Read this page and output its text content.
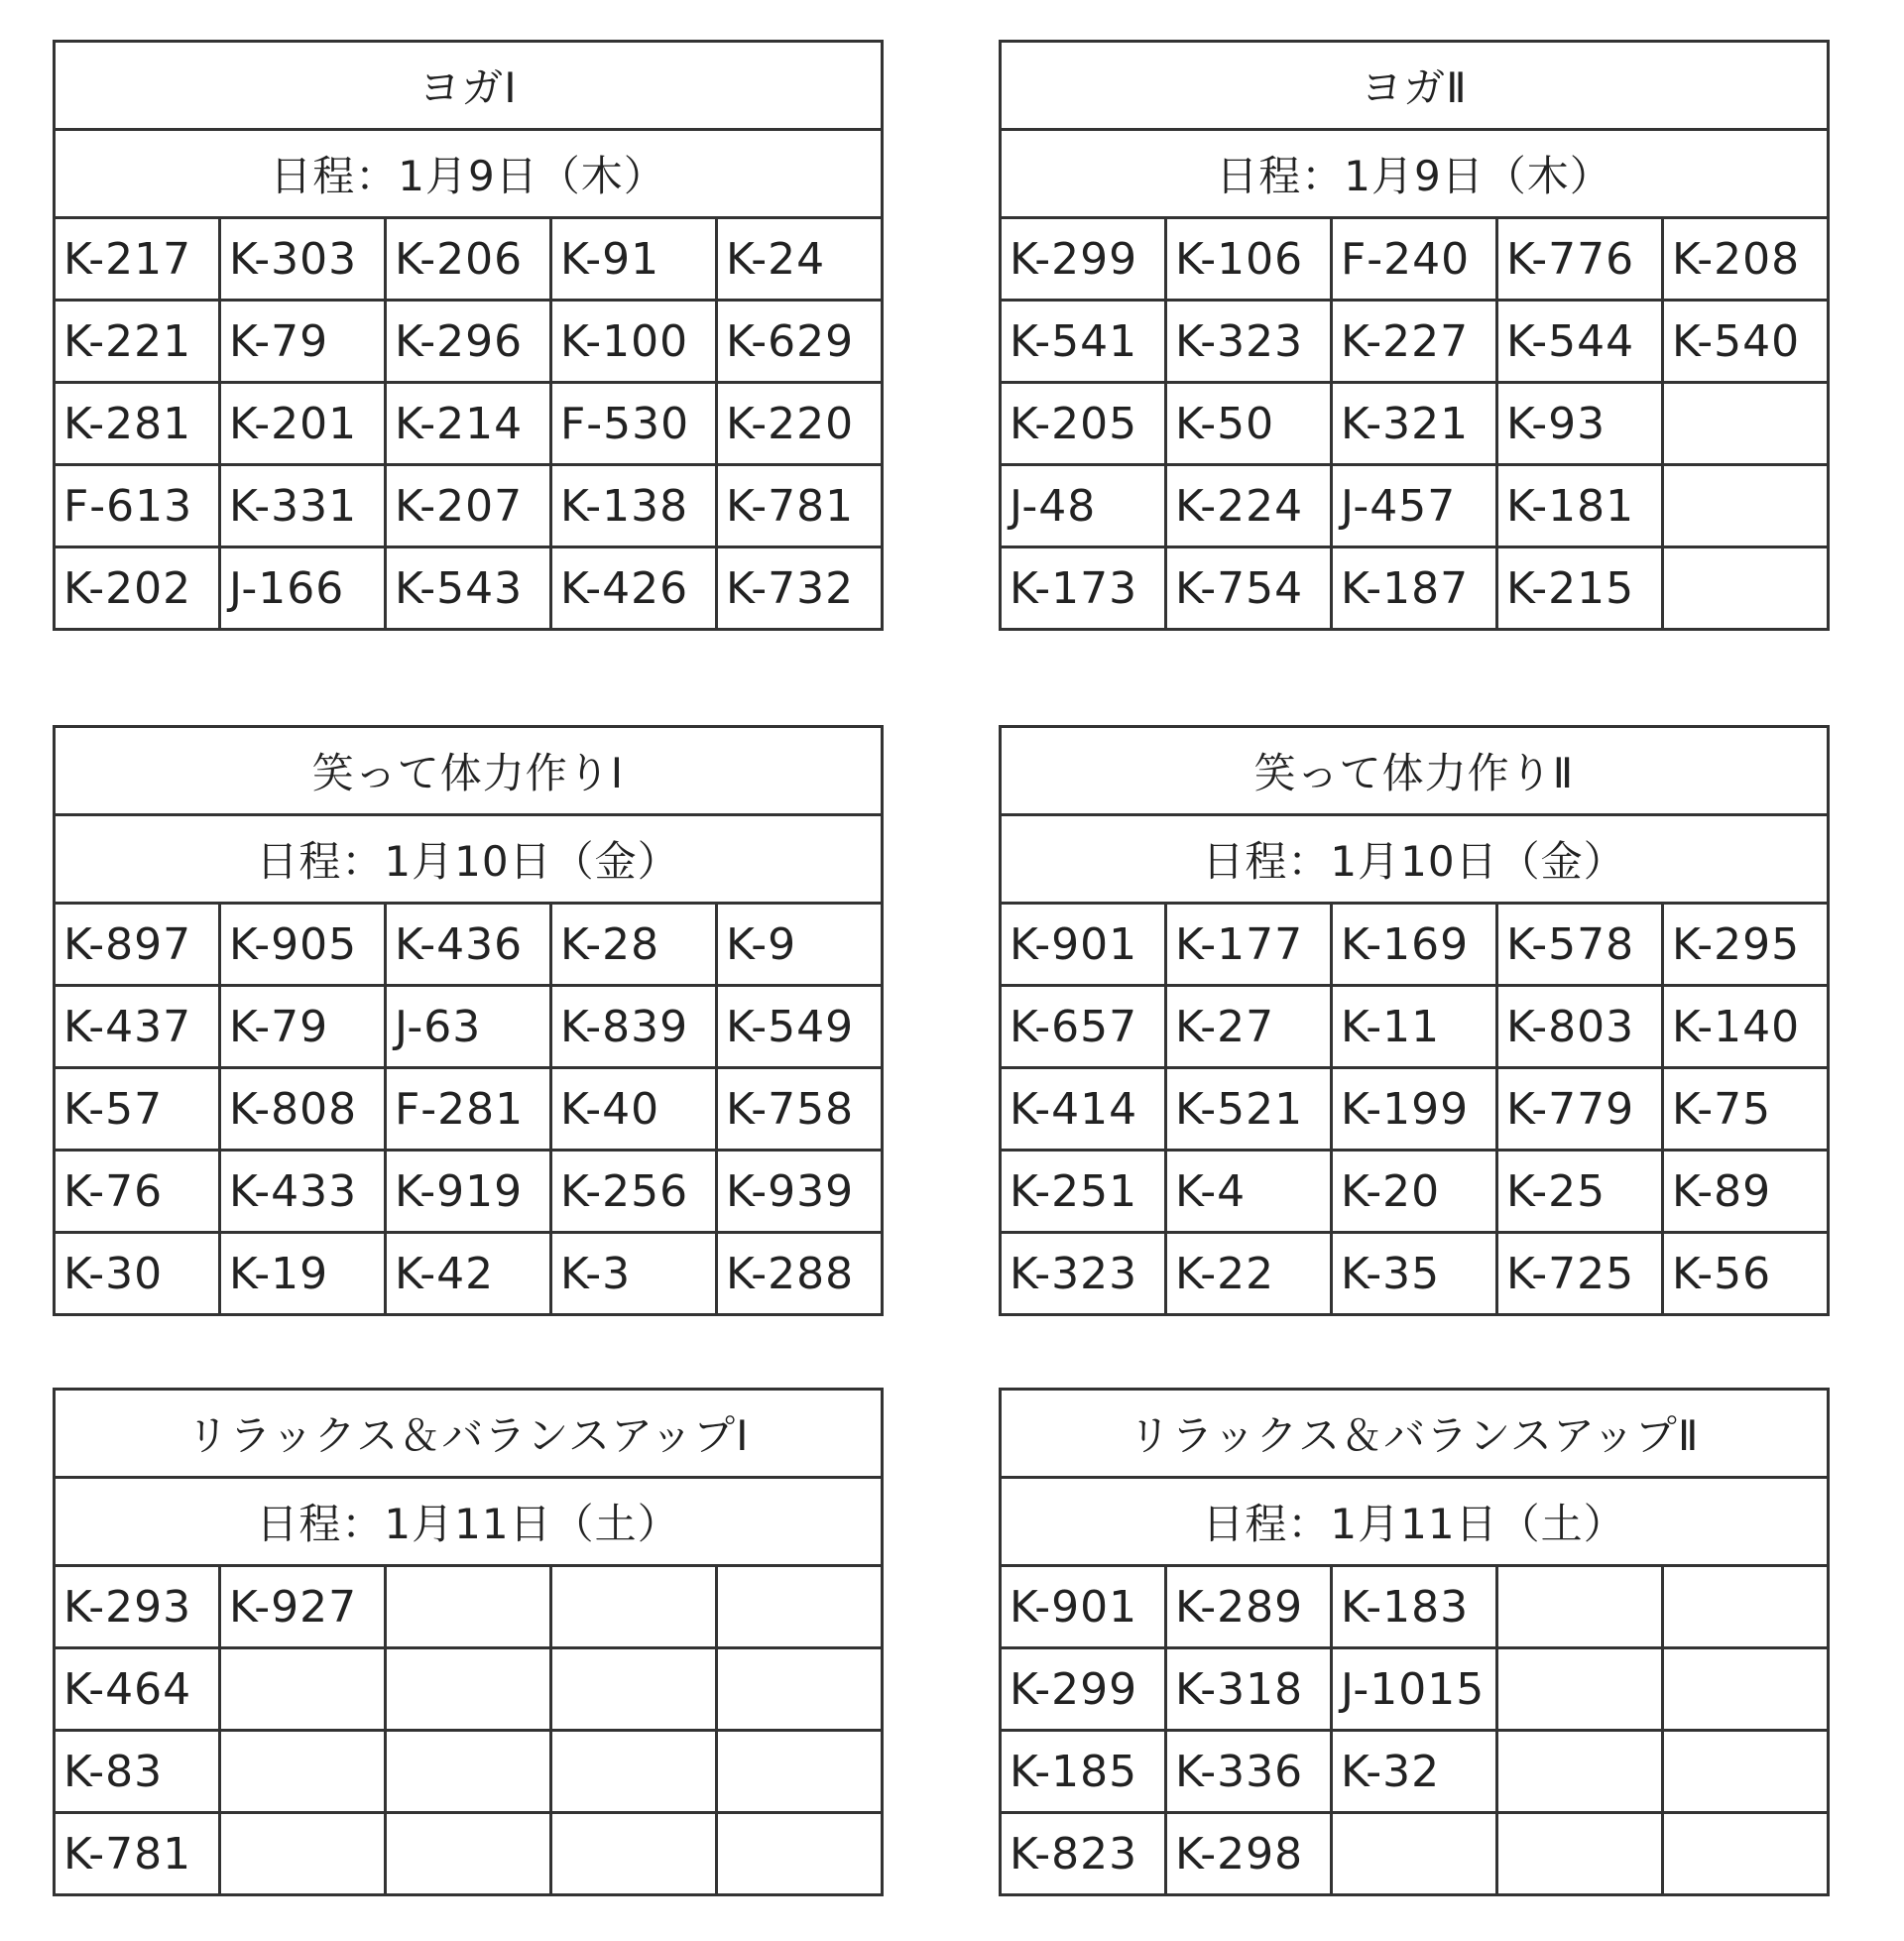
ヨガⅠ				
日程：1月9日（木）				
K-217	K-303	K-206	K-91	K-24
K-221	K-79	K-296	K-100	K-629
K-281	K-201	K-214	F-530	K-220
F-613	K-331	K-207	K-138	K-781
K-202	J-166	K-543	K-426	K-732
ヨガⅡ				
日程：1月9日（木）				
K-299	K-106	F-240	K-776	K-208
K-541	K-323	K-227	K-544	K-540
K-205	K-50	K-321	K-93	
J-48	K-224	J-457	K-181	
K-173	K-754	K-187	K-215	
笑って体力作りⅠ				
日程：1月10日（金）				
K-897	K-905	K-436	K-28	K-9
K-437	K-79	J-63	K-839	K-549
K-57	K-808	F-281	K-40	K-758
K-76	K-433	K-919	K-256	K-939
K-30	K-19	K-42	K-3	K-288
笑って体力作りⅡ				
日程：1月10日（金）				
K-901	K-177	K-169	K-578	K-295
K-657	K-27	K-11	K-803	K-140
K-414	K-521	K-199	K-779	K-75
K-251	K-4	K-20	K-25	K-89
K-323	K-22	K-35	K-725	K-56
リラックス＆バランスアップⅠ				
日程：1月11日（土）				
K-293	K-927			
K-464				
K-83				
K-781				
リラックス＆バランスアップⅡ				
日程：1月11日（土）				
K-901	K-289	K-183		
K-299	K-318	J-1015		
K-185	K-336	K-32		
K-823	K-298			
